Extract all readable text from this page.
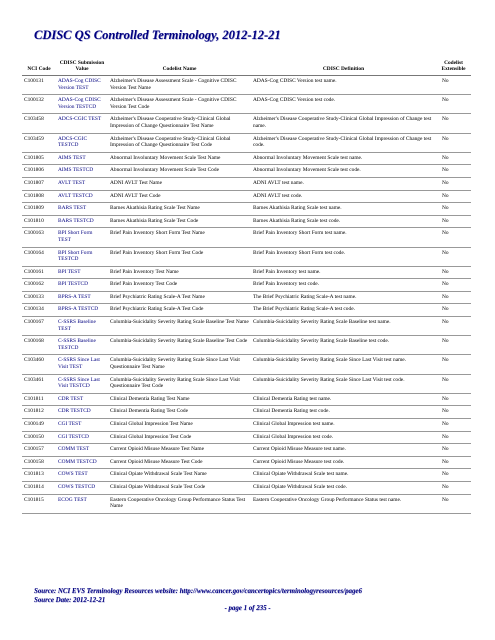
CDISC QS Controlled Terminology, 2012-12-21
NCI Code	CDISC Submission Value	Codelist Name	CDISC Definition	Codelist Extensible
C100131	ADAS-Cog CDISC Version TEST	Alzheimer's Disease Assessment Scale - Cognitive CDISC Version Test Name	ADAS-Cog CDISC Version test name.	No
C100132	ADAS-Cog CDISC Version TESTCD	Alzheimer's Disease Assessment Scale - Cognitive CDISC Version Test Code	ADAS-Cog CDISC Version test code.	No
C103458	ADCS-CGIC TEST	Alzheimer's Disease Cooperative Study-Clinical Global Impression of Change Questionnaire Test Name	Alzheimer's Disease Cooperative Study-Clinical Global Impression of Change test name.	No
C103459	ADCS-CGIC TESTCD	Alzheimer's Disease Cooperative Study-Clinical Global Impression of Change Questionnaire Test Code	Alzheimer's Disease Cooperative Study-Clinical Global Impression of Change test code.	No
C101805	AIMS TEST	Abnormal Involuntary Movement Scale Test Name	Abnormal Involuntary Movement Scale test name.	No
C101806	AIMS TESTCD	Abnormal Involuntary Movement Scale Test Code	Abnormal Involuntary Movement Scale test code.	No
C101807	AVLT TEST	ADNI AVLT Test Name	ADNI AVLT test name.	No
C101808	AVLT TESTCD	ADNI AVLT Test Code	ADNI AVLT test code.	No
C101809	BARS TEST	Barnes Akathisia Rating Scale Test Name	Barnes Akathisia Rating Scale test name.	No
C101810	BARS TESTCD	Barnes Akathisia Rating Scale Test Code	Barnes Akathisia Rating Scale test code.	No
C100163	BPI Short Form TEST	Brief Pain Inventory Short Form Test Name	Brief Pain Inventory Short Form test name.	No
C100164	BPI Short Form TESTCD	Brief Pain Inventory Short Form Test Code	Brief Pain Inventory Short Form test code.	No
C100161	BPI TEST	Brief Pain Inventory Test Name	Brief Pain Inventory test name.	No
C100162	BPI TESTCD	Brief Pain Inventory Test Code	Brief Pain Inventory test code.	No
C100133	BPRS-A TEST	Brief Psychiatric Rating Scale-A Test Name	The Brief Psychiatric Rating Scale-A test name.	No
C100134	BPRS-A TESTCD	Brief Psychiatric Rating Scale-A Test Code	The Brief Psychiatric Rating Scale-A test code.	No
C100167	C-SSRS Baseline TEST	Columbia-Suicidality Severity Rating Scale Baseline Test Name	Columbia-Suicidality Severity Rating Scale Baseline test name.	No
C100168	C-SSRS Baseline TESTCD	Columbia-Suicidality Severity Rating Scale Baseline Test Code	Columbia-Suicidality Severity Rating Scale Baseline test code.	No
C103460	C-SSRS Since Last Visit TEST	Columbia-Suicidality Severity Rating Scale Since Last Visit Questionnaire Test Name	Columbia-Suicidality Severity Rating Scale Since Last Visit test name.	No
C103461	C-SSRS Since Last Visit TESTCD	Columbia-Suicidality Severity Rating Scale Since Last Visit Questionnaire Test Code	Columbia-Suicidality Severity Rating Scale Since Last Visit test code.	No
C101811	CDR TEST	Clinical Dementia Rating Test Name	Clinical Dementia Rating test name.	No
C101812	CDR TESTCD	Clinical Dementia Rating Test Code	Clinical Dementia Rating test code.	No
C100149	CGI TEST	Clinical Global Impression Test Name	Clinical Global Impression test name.	No
C100150	CGI TESTCD	Clinical Global Impression Test Code	Clinical Global Impression test code.	No
C100157	COMM TEST	Current Opioid Misuse Measure Test Name	Current Opioid Misuse Measure test name.	No
C100158	COMM TESTCD	Current Opioid Misuse Measure Test Code	Current Opioid Misuse Measure test code.	No
C101813	COWS TEST	Clinical Opiate Withdrawal Scale Test Name	Clinical Opiate Withdrawal Scale test name.	No
C101814	COWS TESTCD	Clinical Opiate Withdrawal Scale Test Code	Clinical Opiate Withdrawal Scale test code.	No
C101815	ECOG TEST	Eastern Cooperative Oncology Group Performance Status Test Name	Eastern Cooperative Oncology Group Performance Status test name.	No
Source: NCI EVS Terminology Resources website: http://www.cancer.gov/cancertopics/terminologyresources/page6
Source Date: 2012-12-21
- page 1 of 235 -
